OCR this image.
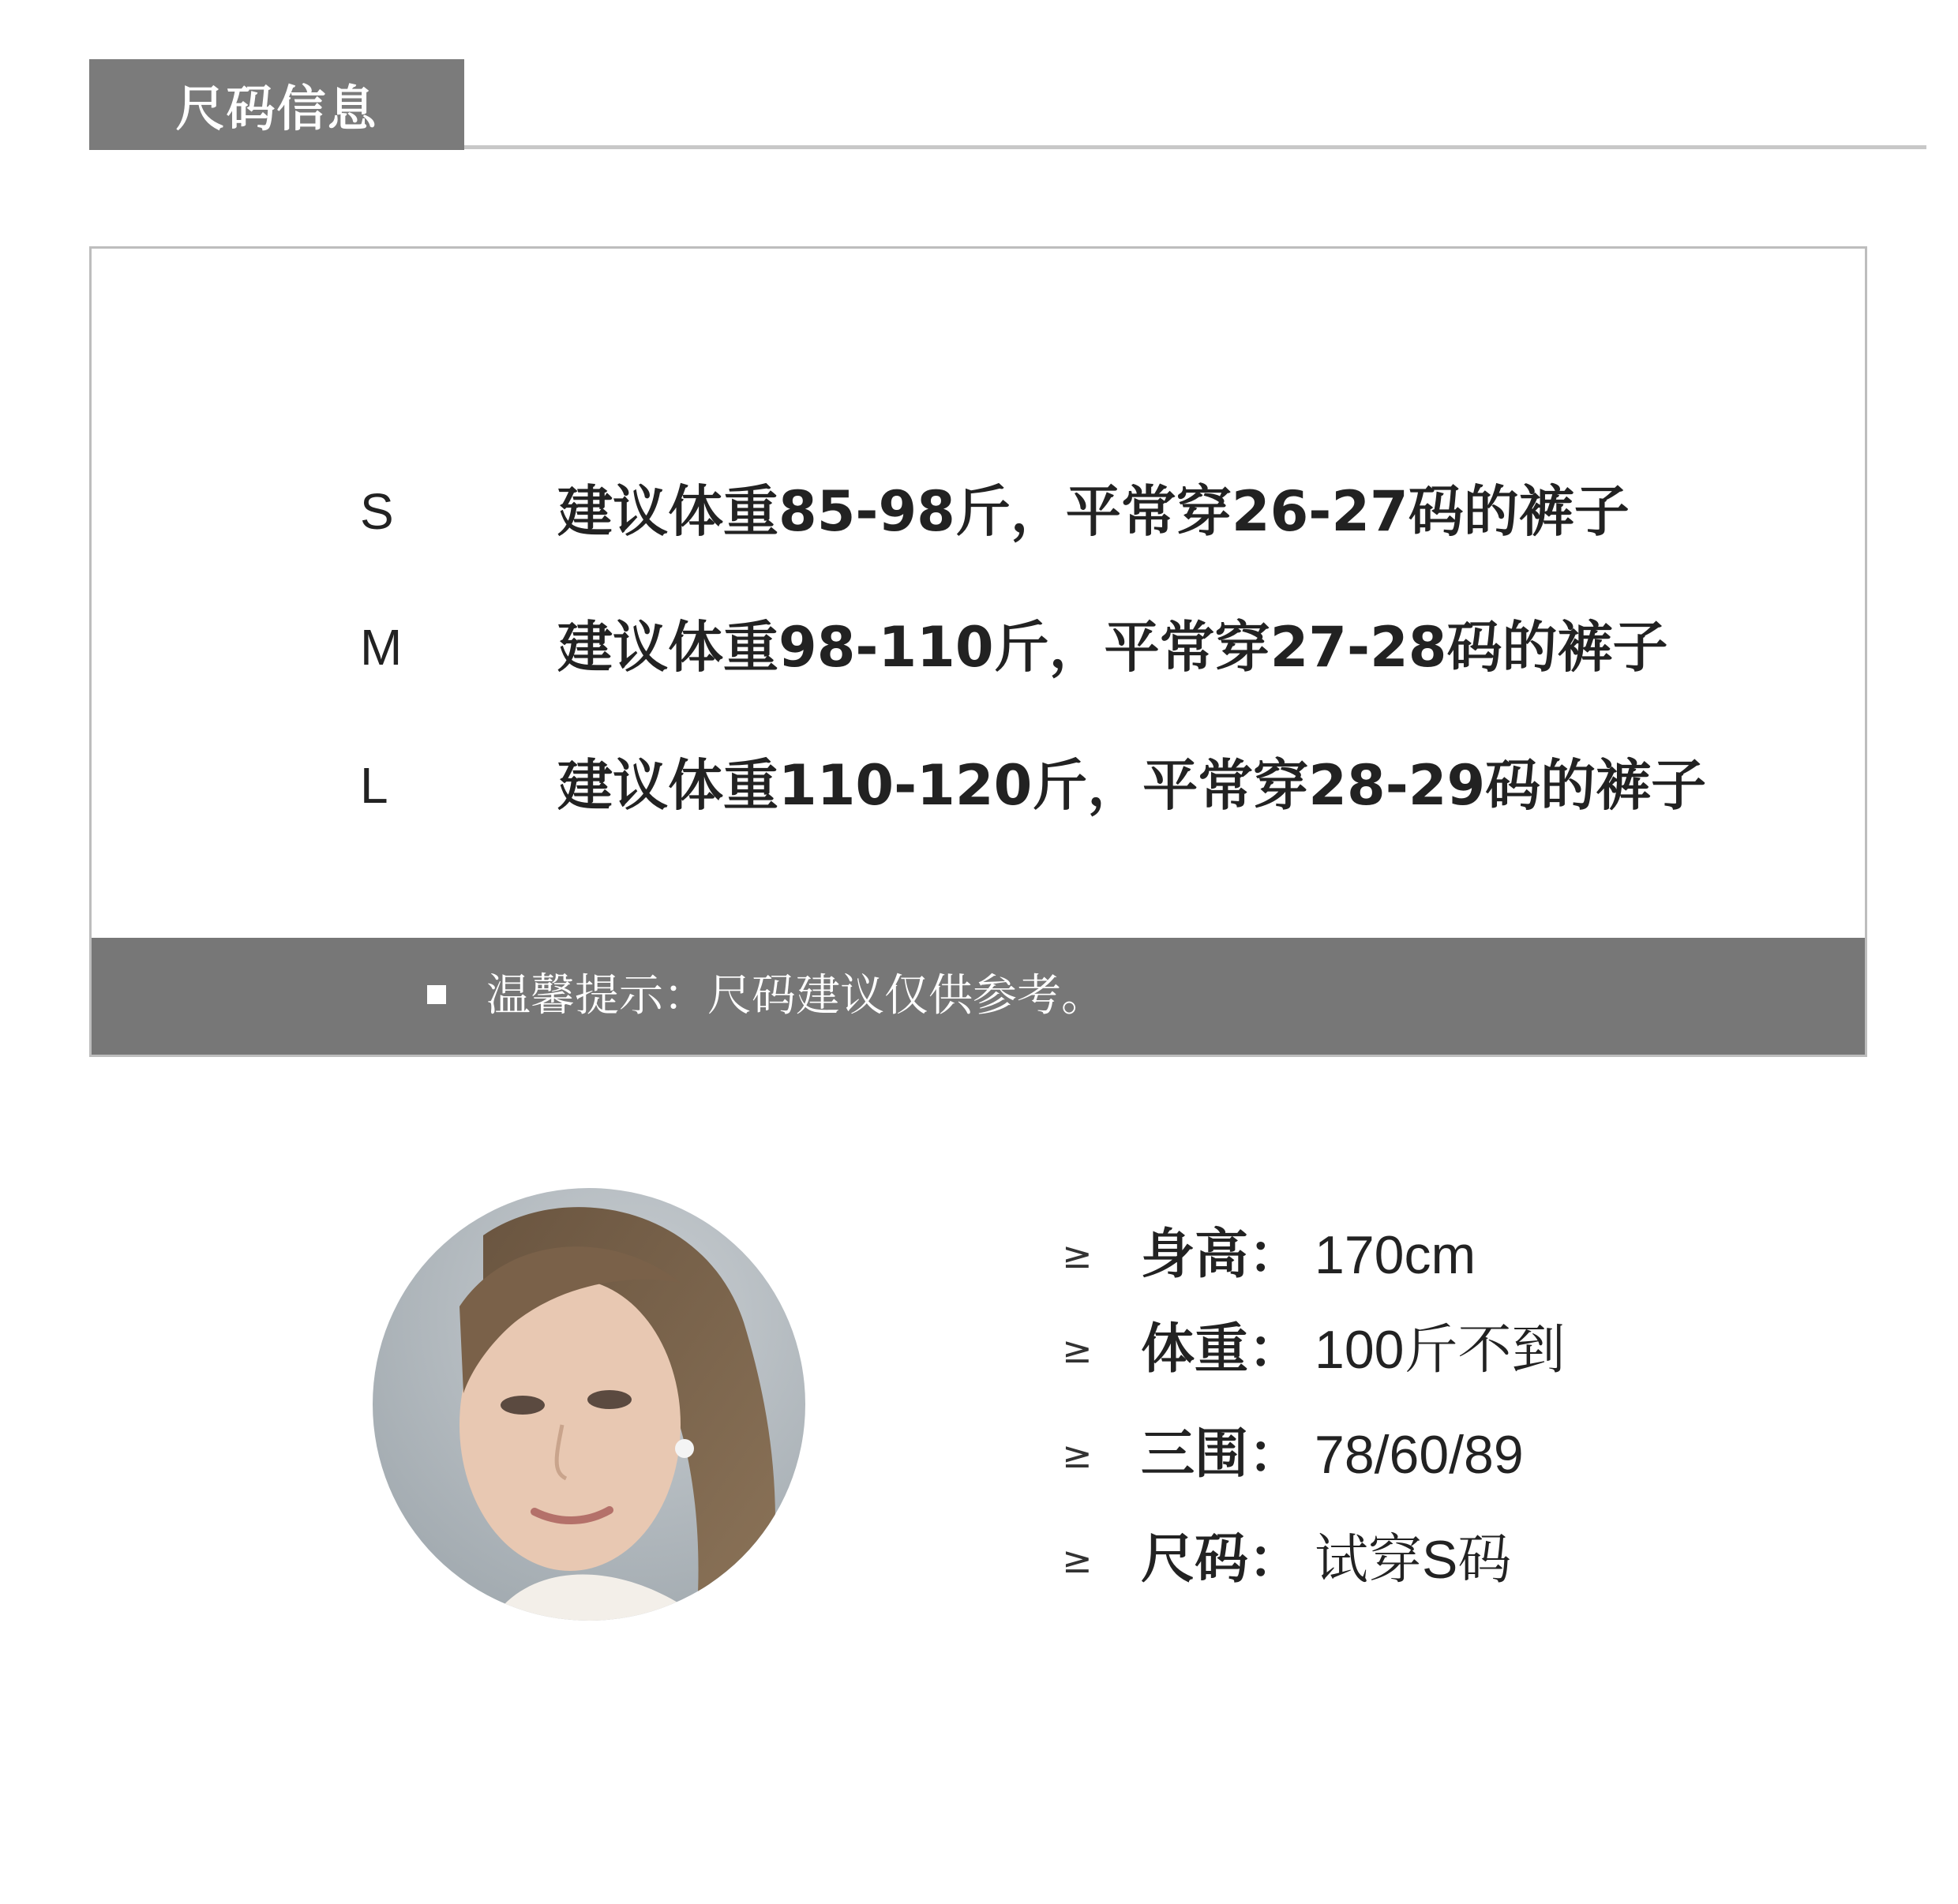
尺码信息
S	建议体重85-98斤，平常穿26-27码的裤子
M	建议体重98-110斤，平常穿27-28码的裤子
L	建议体重110-120斤，平常穿28-29码的裤子
温馨提示：尺码建议仅供参考。
≥ 身高： 170cm
≥ 体重： 100斤不到
≥ 三围： 78/60/89
≥ 尺码： 试穿S码
